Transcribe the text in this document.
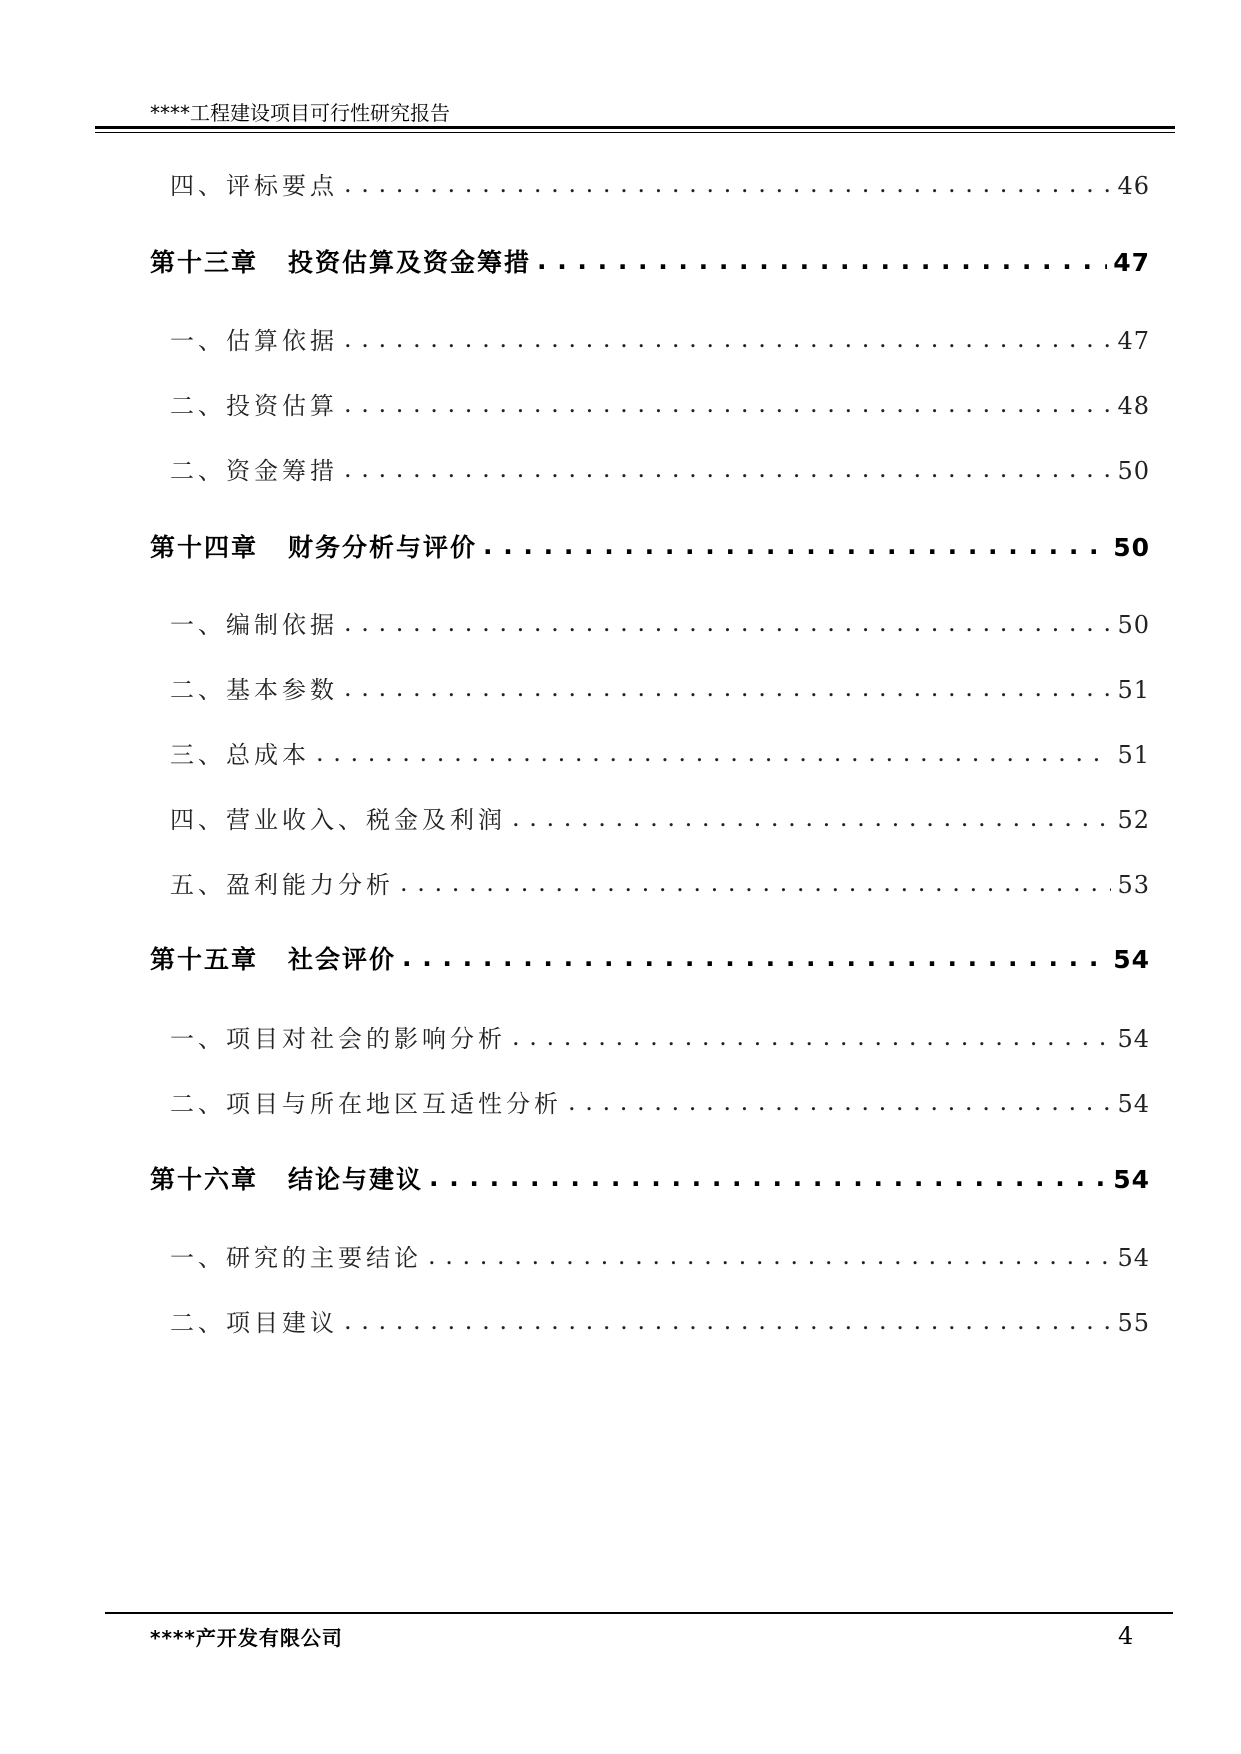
****工程建设项目可行性研究报告
四、评标要点 . . .	46
第十三章 投资估算及资金筹措 . . .	47
一、估算依据 . . .	47
二、投资估算 . . .	48
二、资金筹措 . . .	50
第十四章 财务分析与评价 . . .	50
一、编制依据 . . .	50
二、基本参数 . . .	51
三、总成本 . . .	51
四、营业收入、税金及利润 . . .	52
五、盈利能力分析 . . .	53
第十五章 社会评价 . . .	54
一、项目对社会的影响分析 . . .	54
二、项目与所在地区互适性分析 . . .	54
第十六章 结论与建议 . . .	54
一、研究的主要结论 . . .	54
二、项目建议 . . .	55
****产开发有限公司	4
